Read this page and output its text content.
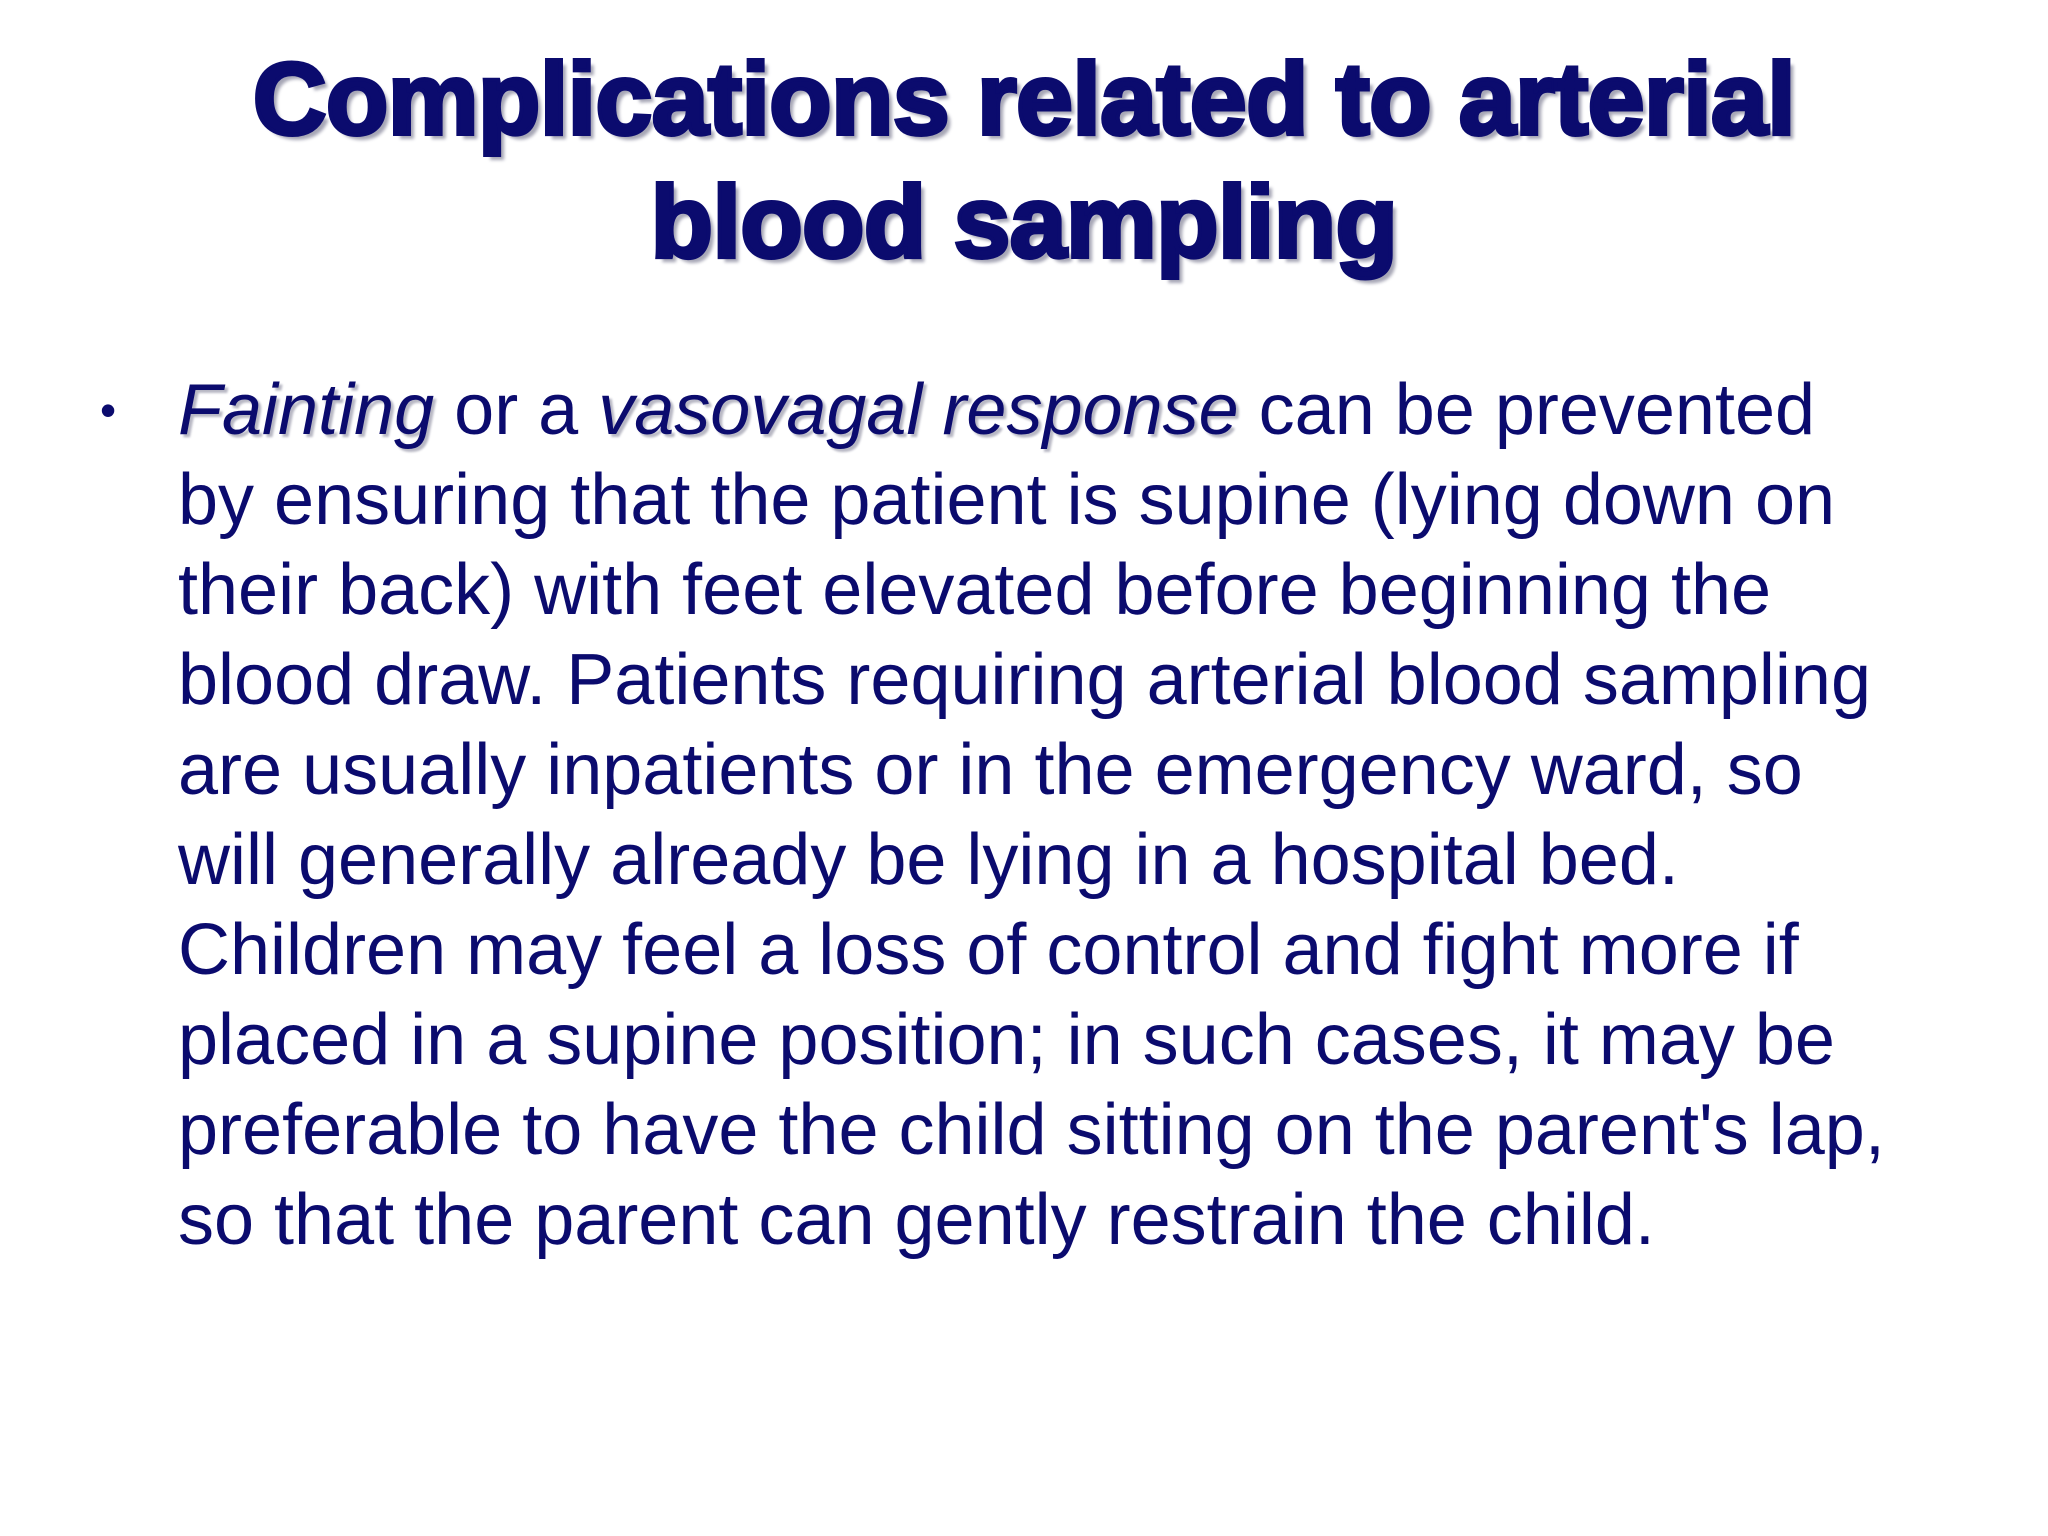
Complications related to arterial
blood sampling
• Fainting or a vasovagal response can be prevented
by ensuring that the patient is supine (lying down on
their back) with feet elevated before beginning the
blood draw. Patients requiring arterial blood sampling
are usually inpatients or in the emergency ward, so
will generally already be lying in a hospital bed.
Children may feel a loss of control and fight more if
placed in a supine position; in such cases, it may be
preferable to have the child sitting on the parent's lap,
so that the parent can gently restrain the child.
